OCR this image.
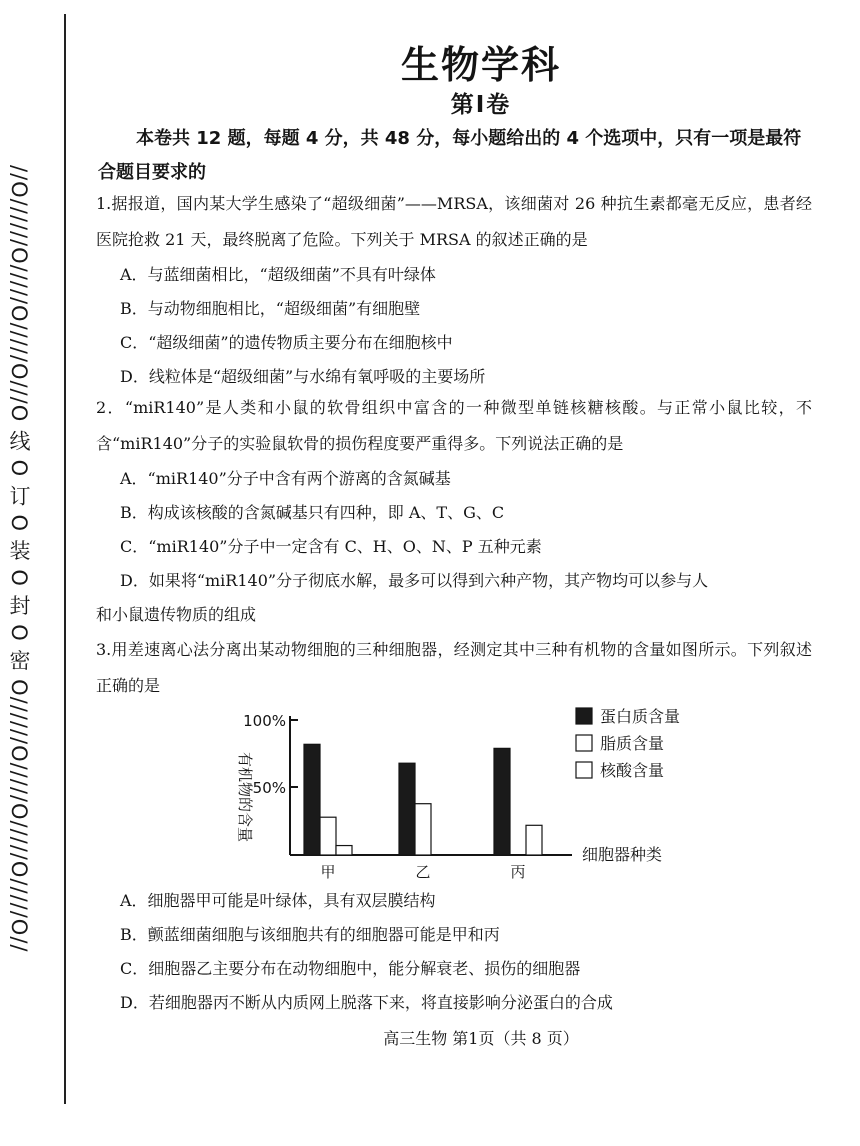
//O//////O/////O/////O///O 线 O 订 O 装 O 封 O 密 O//////O/////O/////O/////O//
生物学科
第Ⅰ卷
本卷共 12 题，每题 4 分，共 48 分，每小题给出的 4 个选项中，只有一项是最符合题目要求的
1.据报道，国内某大学生感染了“超级细菌”——MRSA，该细菌对 26 种抗生素都毫无反应，患者经医院抢救 21 天，最终脱离了危险。下列关于 MRSA 的叙述正确的是
A．与蓝细菌相比，“超级细菌”不具有叶绿体
B．与动物细胞相比，“超级细菌”有细胞壁
C．“超级细菌”的遗传物质主要分布在细胞核中
D．线粒体是“超级细菌”与水绵有氧呼吸的主要场所
2．“miR140”是人类和小鼠的软骨组织中富含的一种微型单链核糖核酸。与正常小鼠比较，不含“miR140”分子的实验鼠软骨的损伤程度要严重得多。下列说法正确的是
A．“miR140”分子中含有两个游离的含氮碱基
B．构成该核酸的含氮碱基只有四种，即 A、T、G、C
C．“miR140”分子中一定含有 C、H、O、N、P 五种元素
D．如果将“miR140”分子彻底水解，最多可以得到六种产物，其产物均可以参与人
和小鼠遗传物质的组成
3.用差速离心法分离出某动物细胞的三种细胞器，经测定其中三种有机物的含量如图所示。下列叙述正确的是
有机物的含量
100%
50%
甲	乙	丙
细胞器种类
蛋白质含量
脂质含量
核酸含量
A．细胞器甲可能是叶绿体，具有双层膜结构
B．颤蓝细菌细胞与该细胞共有的细胞器可能是甲和丙
C．细胞器乙主要分布在动物细胞中，能分解衰老、损伤的细胞器
D．若细胞器丙不断从内质网上脱落下来，将直接影响分泌蛋白的合成
高三生物 第1页（共 8 页）
